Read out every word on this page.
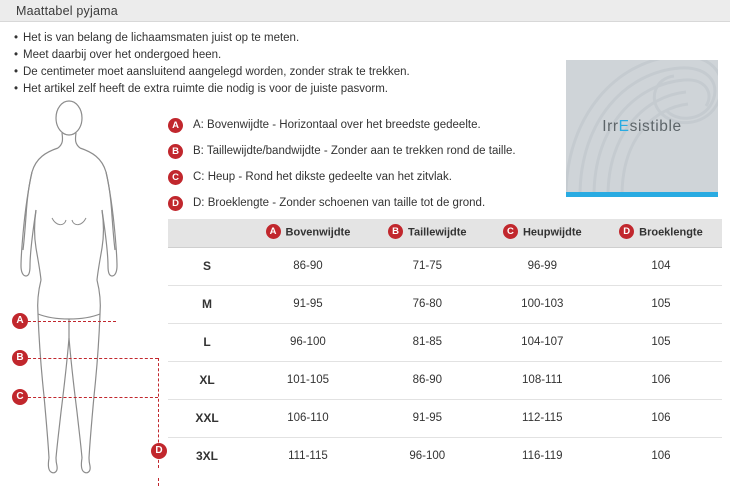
Maattabel pyjama
• Het is van belang de lichaamsmaten juist op te meten.
• Meet daarbij over het ondergoed heen.
• De centimeter moet aansluitend aangelegd worden, zonder strak te trekken.
• Het artikel zelf heeft de extra ruimte die nodig is voor de juiste pasvorm.
IrrEsistible
A A: Bovenwijdte - Horizontaal over het breedste gedeelte.
B B: Taillewijdte/bandwijdte - Zonder aan te trekken rond de taille.
C C: Heup - Rond het dikste gedeelte van het zitvlak.
D D: Broeklengte - Zonder schoenen van taille tot de grond.
A
B
C
D
	A Bovenwijdte	B Taillewijdte	C Heupwijdte	D Broeklengte
S	86-90	71-75	96-99	104
M	91-95	76-80	100-103	105
L	96-100	81-85	104-107	105
XL	101-105	86-90	108-111	106
XXL	106-110	91-95	112-115	106
3XL	111-115	96-100	116-119	106
